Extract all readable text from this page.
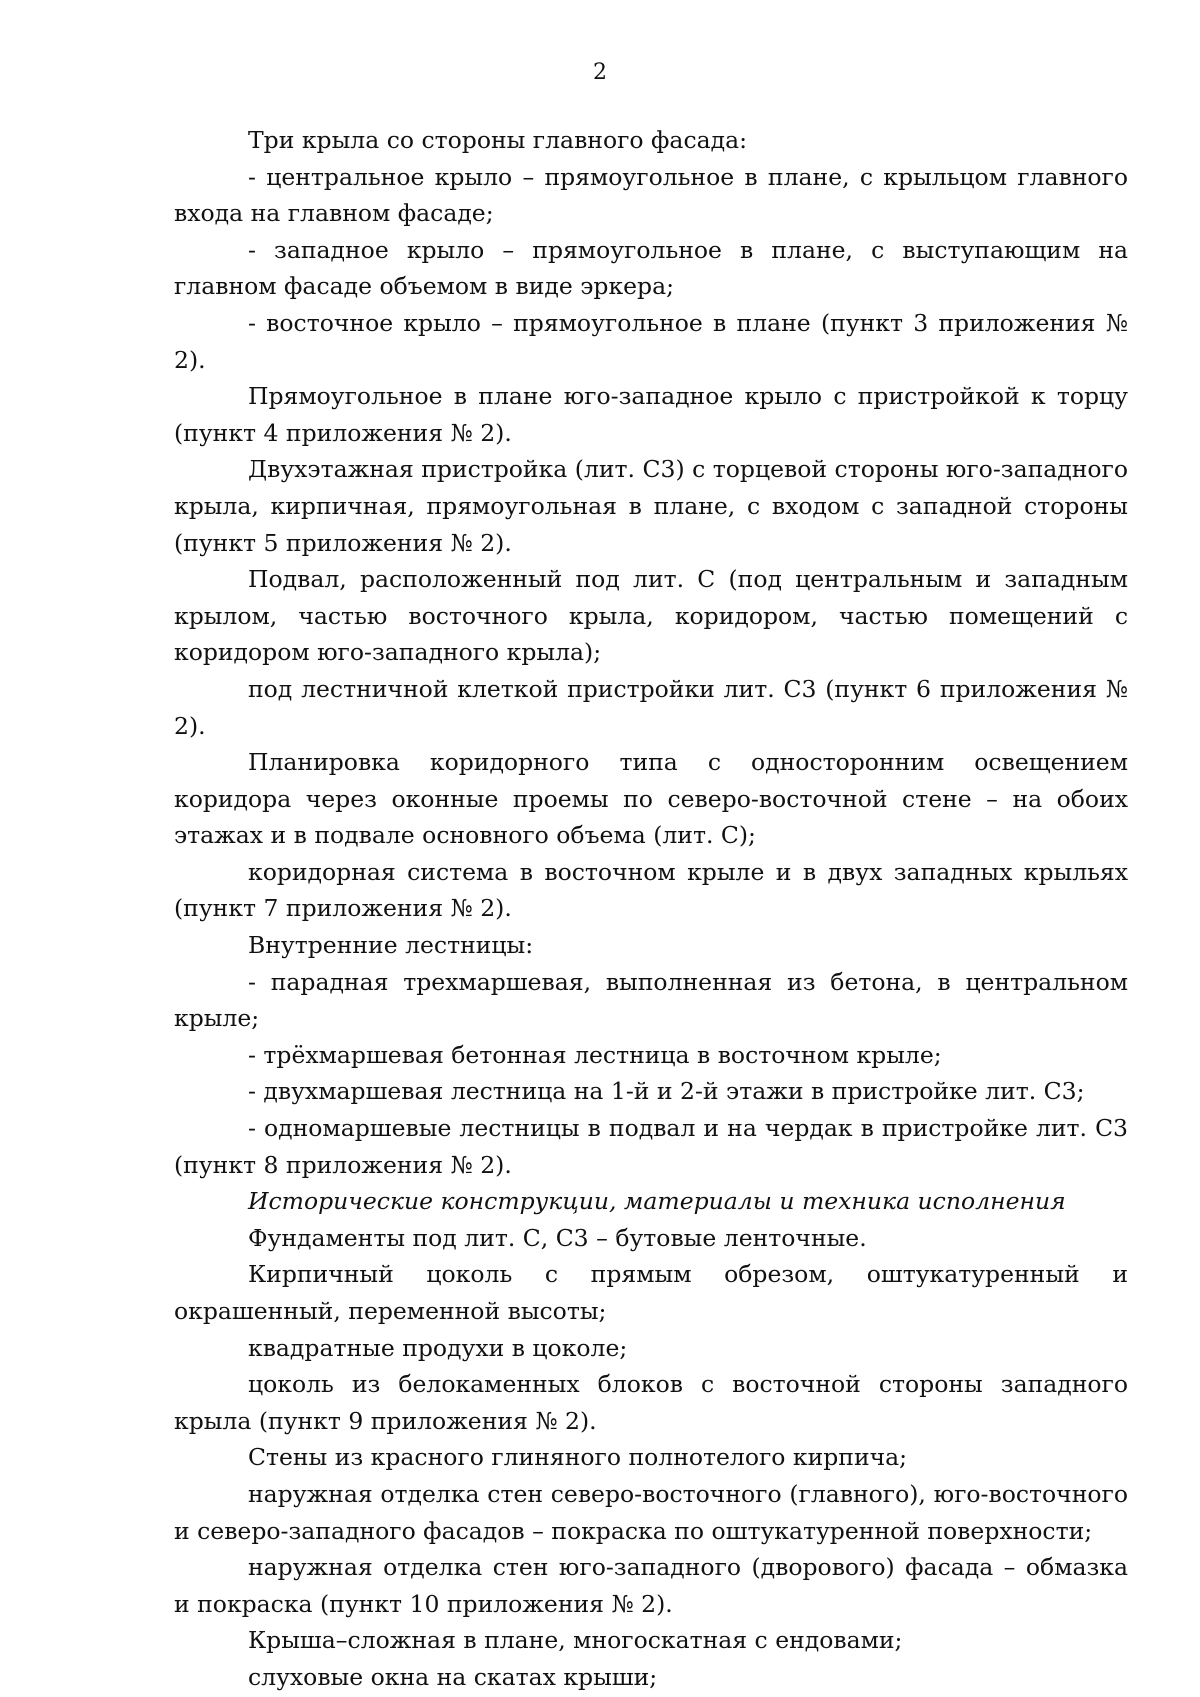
2

Три крыла со стороны главного фасада:

- центральное крыло – прямоугольное в плане, с крыльцом главного входа на главном фасаде;

- западное крыло – прямоугольное в плане, с выступающим на главном фасаде объемом в виде эркера;

- восточное крыло – прямоугольное в плане (пункт 3 приложения № 2).

Прямоугольное в плане юго-западное крыло с пристройкой к торцу (пункт 4 приложения № 2).

Двухэтажная пристройка (лит. С3) с торцевой стороны юго-западного крыла, кирпичная, прямоугольная в плане, с входом с западной стороны (пункт 5 приложения № 2).

Подвал, расположенный под лит. С (под центральным и западным крылом, частью восточного крыла, коридором, частью помещений с коридором юго-западного крыла);

под лестничной клеткой пристройки лит. С3 (пункт 6 приложения № 2).

Планировка коридорного типа с односторонним освещением коридора через оконные проемы по северо-восточной стене – на обоих этажах и в подвале основного объема (лит. С);

коридорная система в восточном крыле и в двух западных крыльях (пункт 7 приложения № 2).

Внутренние лестницы:

- парадная трехмаршевая, выполненная из бетона, в центральном крыле;

- трёхмаршевая бетонная лестница в восточном крыле;

- двухмаршевая лестница на 1-й и 2-й этажи в пристройке лит. С3;

- одномаршевые лестницы в подвал и на чердак в пристройке лит. С3 (пункт 8 приложения № 2).

Исторические конструкции, материалы и техника исполнения

Фундаменты под лит. С, С3 – бутовые ленточные.

Кирпичный цоколь с прямым обрезом, оштукатуренный и окрашенный, переменной высоты;

квадратные продухи в цоколе;

цоколь из белокаменных блоков с восточной стороны западного крыла (пункт 9 приложения № 2).

Стены из красного глиняного полнотелого кирпича;

наружная отделка стен северо-восточного (главного), юго-восточного и северо-западного фасадов – покраска по оштукатуренной поверхности;

наружная отделка стен юго-западного (дворового) фасада – обмазка и покраска (пункт 10 приложения № 2).

Крыша–сложная в плане, многоскатная с ендовами;

слуховые окна на скатах крыши;
